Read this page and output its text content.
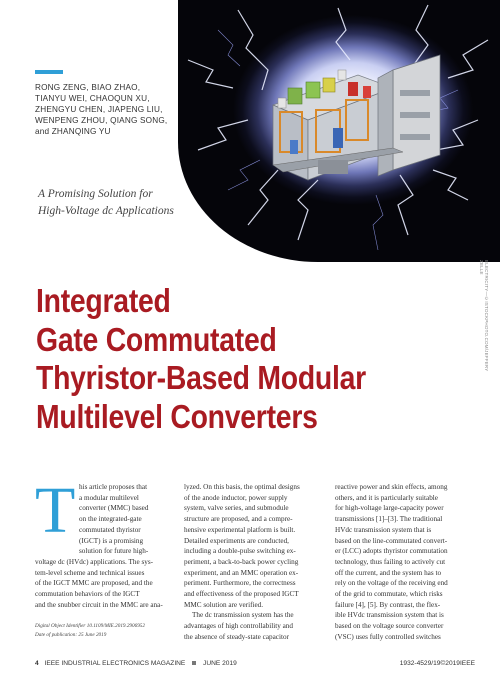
ELECTRICITY—©ISTOCKPHOTO.COM/JEFFERY ZELLE
RONG ZENG, BIAO ZHAO,
TIANYU WEI, CHAOQUN XU,
ZHENGYU CHEN, JIAPENG LIU,
WENPENG ZHOU, QIANG SONG,
and ZHANQING YU
A Promising Solution for
High-Voltage dc Applications
Integrated
Gate Commutated
Thyristor-Based Modular
Multilevel Converters
T his article proposes that
a modular multilevel
converter (MMC) based
on the integrated-gate
commutated thyristor
(IGCT) is a promising
solution for future high-
voltage dc (HVdc) applications. The sys-
tem-level scheme and technical issues
of the IGCT MMC are proposed, and the
commutation behaviors of the IGCT
and the snubber circuit in the MMC are ana-
Digital Object Identifier 10.1109/MIE.2019.2906952
Date of publication: 25 June 2019
lyzed. On this basis, the optimal designs
of the anode inductor, power supply
system, valve series, and submodule
structure are proposed, and a compre-
hensive experimental platform is built.
Detailed experiments are conducted,
including a double-pulse switching ex-
periment, a back-to-back power cycling
experiment, and an MMC operation ex-
periment. Furthermore, the correctness
and effectiveness of the proposed IGCT
MMC solution are verified.
The dc transmission system has the
advantages of high controllability and
the absence of steady-state capacitor
reactive power and skin effects, among
others, and it is particularly suitable
for high-voltage large-capacity power
transmissions [1]–[3]. The traditional
HVdc transmission system that is
based on the line-commutated convert-
er (LCC) adopts thyristor commutation
technology, thus failing to actively cut
off the current, and the system has to
rely on the voltage of the receiving end
of the grid to commutate, which risks
failure [4], [5]. By contrast, the flex-
ible HVdc transmission system that is
based on the voltage source converter
(VSC) uses fully controlled switches
4 IEEE INDUSTRIAL ELECTRONICS MAGAZINE	JUNE 2019	1932-4529/19©2019IEEE
